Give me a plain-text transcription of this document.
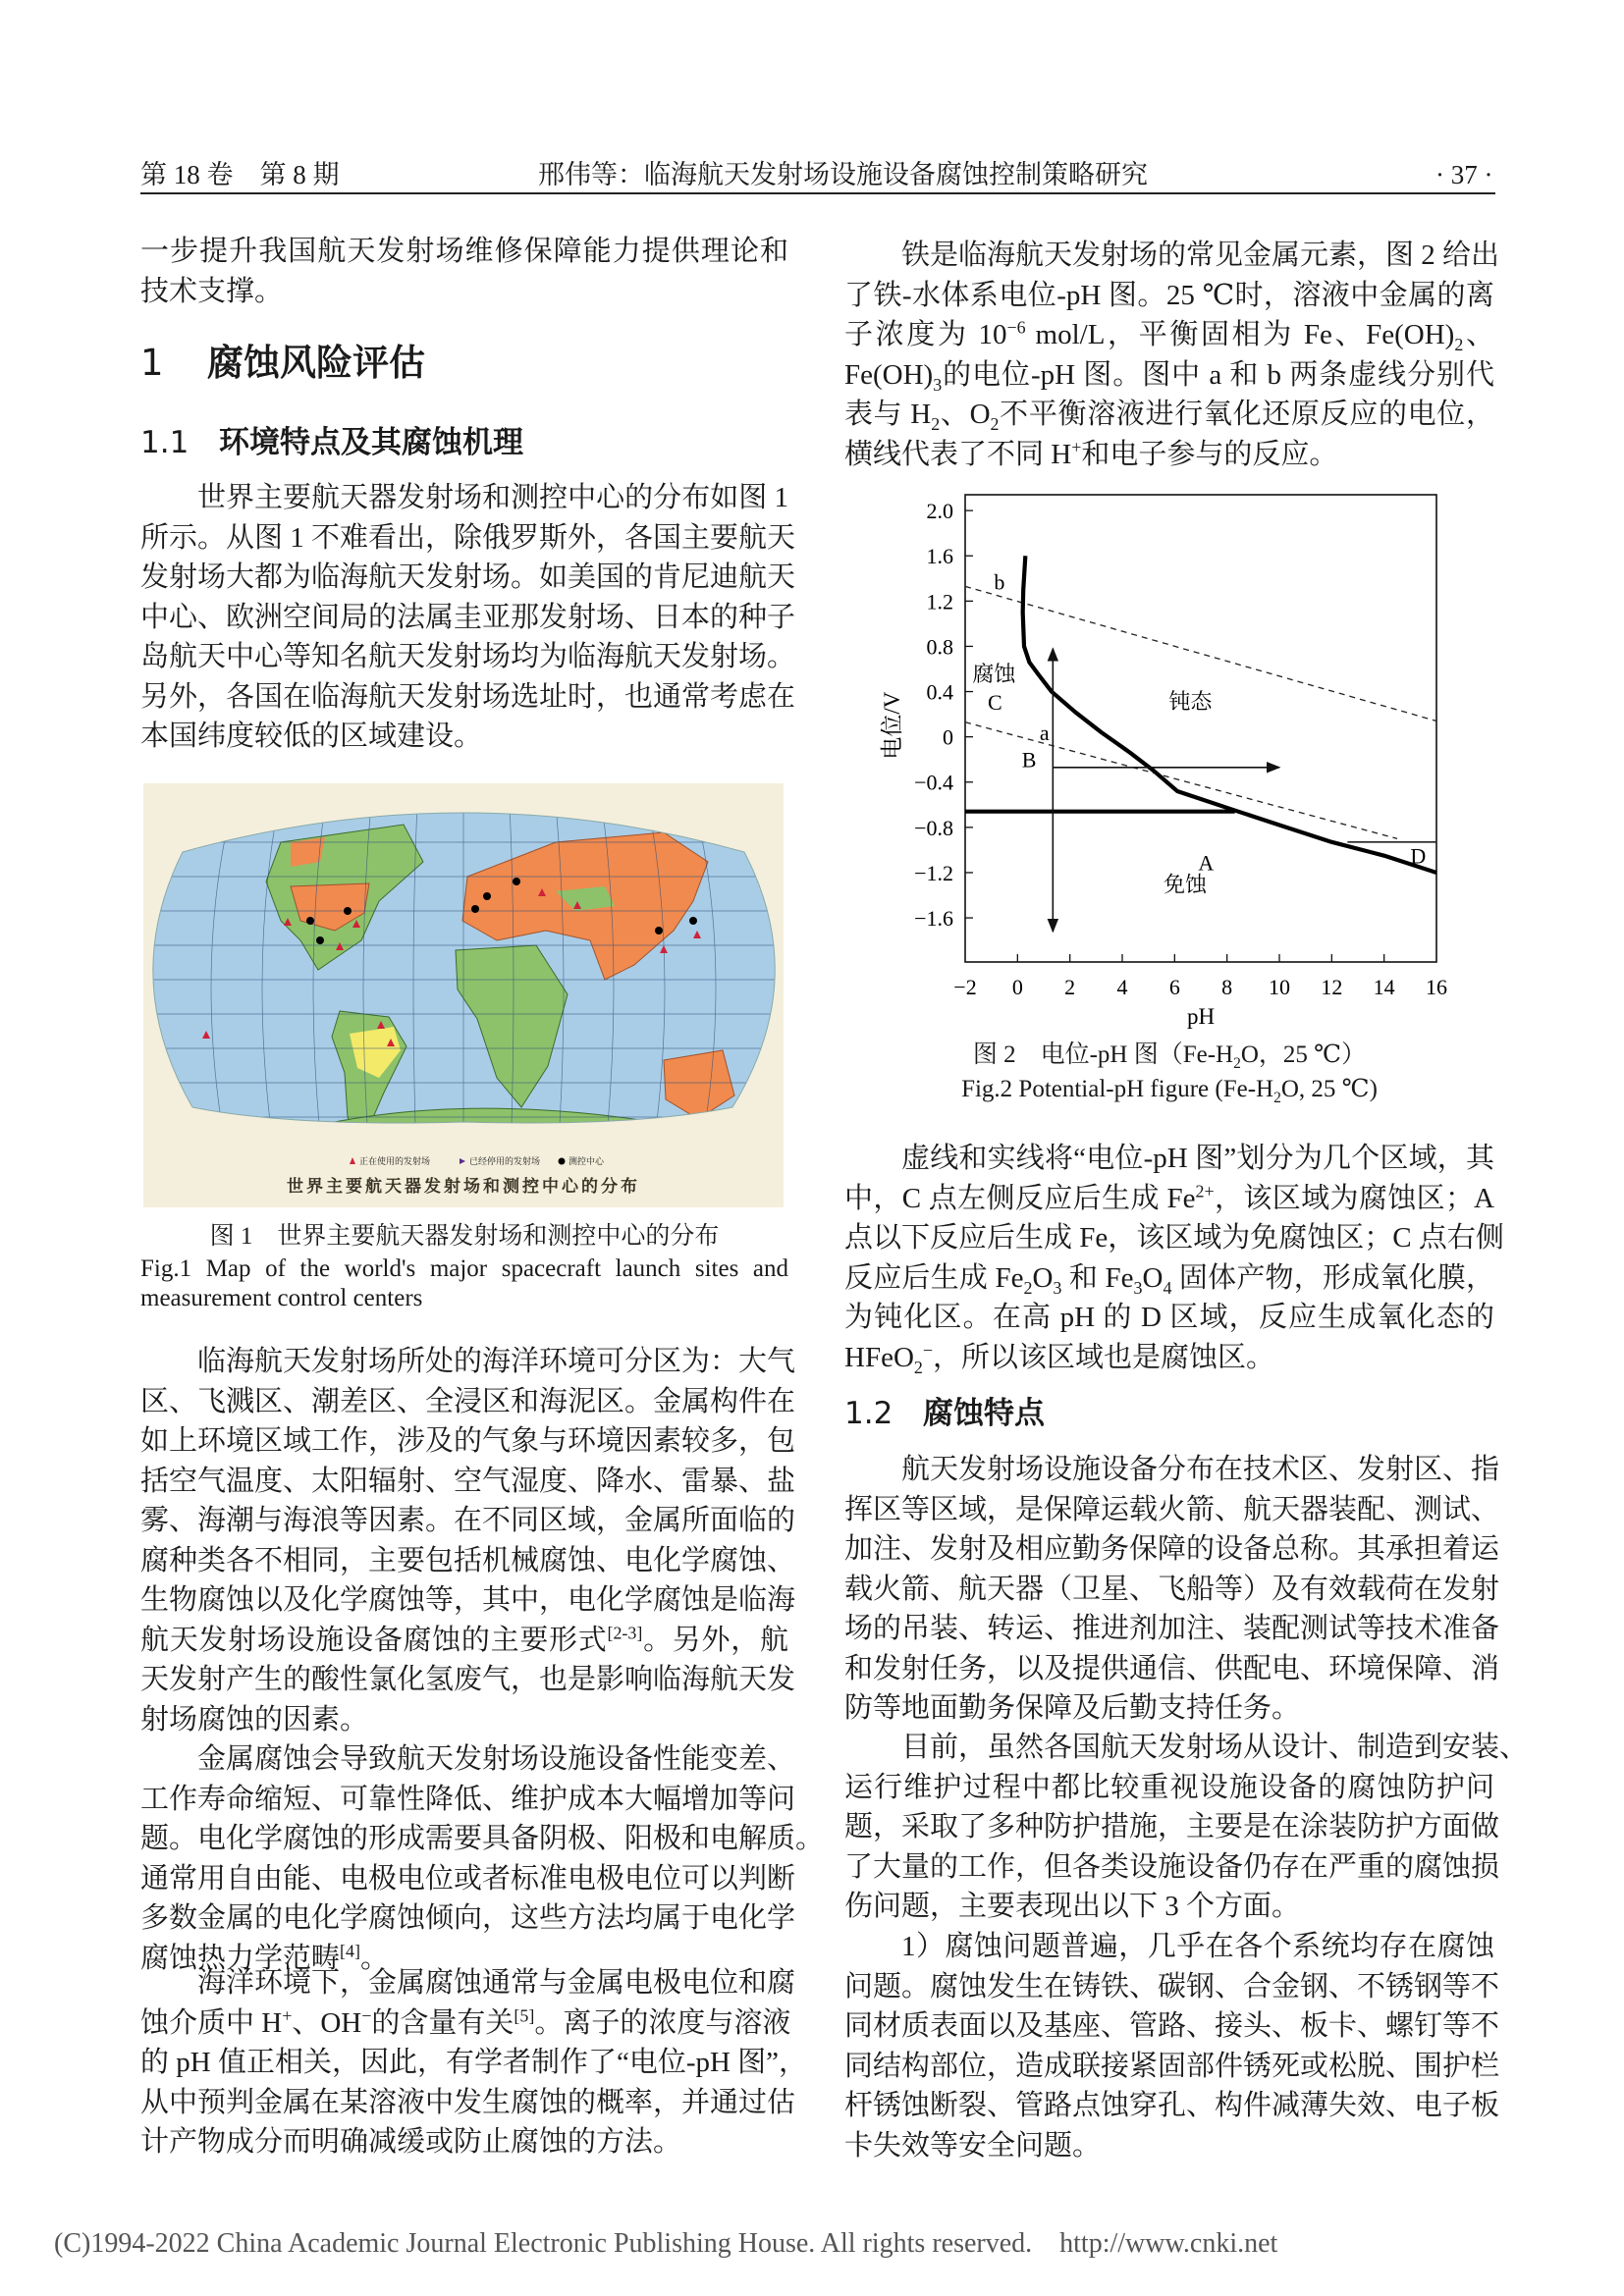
第 18 卷　第 8 期	邢伟等：临海航天发射场设施设备腐蚀控制策略研究	· 37 ·
一步提升我国航天发射场维修保障能力提供理论和
技术支撑。
1 腐蚀风险评估
1.1 环境特点及其腐蚀机理
世界主要航天器发射场和测控中心的分布如图 1
所示。从图 1 不难看出，除俄罗斯外，各国主要航天
发射场大都为临海航天发射场。如美国的肯尼迪航天
中心、欧洲空间局的法属圭亚那发射场、日本的种子
岛航天中心等知名航天发射场均为临海航天发射场。
另外，各国在临海航天发射场选址时，也通常考虑在
本国纬度较低的区域建设。
正在使用的发射场	已经停用的发射场	测控中心
世界主要航天器发射场和测控中心的分布
图 1　世界主要航天器发射场和测控中心的分布
Fig.1 Map of the world's major spacecraft launch sites and
measurement control centers
临海航天发射场所处的海洋环境可分区为：大气
区、飞溅区、潮差区、全浸区和海泥区。金属构件在
如上环境区域工作，涉及的气象与环境因素较多，包
括空气温度、太阳辐射、空气湿度、降水、雷暴、盐
雾、海潮与海浪等因素。在不同区域，金属所面临的
腐种类各不相同，主要包括机械腐蚀、电化学腐蚀、
生物腐蚀以及化学腐蚀等，其中，电化学腐蚀是临海
航天发射场设施设备腐蚀的主要形式[2-3]。另外，航
天发射产生的酸性氯化氢废气，也是影响临海航天发
射场腐蚀的因素。
金属腐蚀会导致航天发射场设施设备性能变差、
工作寿命缩短、可靠性降低、维护成本大幅增加等问
题。电化学腐蚀的形成需要具备阴极、阳极和电解质。
通常用自由能、电极电位或者标准电极电位可以判断
多数金属的电化学腐蚀倾向，这些方法均属于电化学
腐蚀热力学范畴[4]。
海洋环境下，金属腐蚀通常与金属电极电位和腐
蚀介质中 H+、OH−的含量有关[5]。离子的浓度与溶液
的 pH 值正相关，因此，有学者制作了“电位-pH 图”，
从中预判金属在某溶液中发生腐蚀的概率，并通过估
计产物成分而明确减缓或防止腐蚀的方法。
铁是临海航天发射场的常见金属元素，图 2 给出
了铁-水体系电位-pH 图。25 ℃时，溶液中金属的离
子浓度为 $10^{-6}$ mol/L，平衡固相为 Fe、$Fe(OH)_2$、
$Fe(OH)_3$的电位-pH 图。图中 a 和 b 两条虚线分别代
表与 $H_2$、$O_2$不平衡溶液进行氧化还原反应的电位，
横线代表了不同 H+和电子参与的反应。
2.0
1.6
1.2
0.8
0.4
0
−0.4
−0.8
−1.2
−1.6
−2 0 2 4 6 8 10 12 14 16
pH
电位/V
b
腐蚀
C	钝态
a
B
A
免蚀
D
图 2　电位-pH 图（$Fe-H_2O$，25 ℃）
Fig.2 Potential-pH figure ($Fe-H_2O$, 25 ℃)
虚线和实线将“电位-pH 图”划分为几个区域，其
中，C 点左侧反应后生成 $Fe^{2+}$，该区域为腐蚀区；A
点以下反应后生成 Fe，该区域为免腐蚀区；C 点右侧
反应后生成 $Fe_2O_3$ 和 $Fe_3O_4$ 固体产物，形成氧化膜，
为钝化区。在高 pH 的 D 区域，反应生成氧化态的
HFeO$_2$−，所以该区域也是腐蚀区。
1.2 腐蚀特点
航天发射场设施设备分布在技术区、发射区、指
挥区等区域，是保障运载火箭、航天器装配、测试、
加注、发射及相应勤务保障的设备总称。其承担着运
载火箭、航天器（卫星、飞船等）及有效载荷在发射
场的吊装、转运、推进剂加注、装配测试等技术准备
和发射任务，以及提供通信、供配电、环境保障、消
防等地面勤务保障及后勤支持任务。
目前，虽然各国航天发射场从设计、制造到安装、
运行维护过程中都比较重视设施设备的腐蚀防护问
题，采取了多种防护措施，主要是在涂装防护方面做
了大量的工作，但各类设施设备仍存在严重的腐蚀损
伤问题，主要表现出以下 3 个方面。
1）腐蚀问题普遍，几乎在各个系统均存在腐蚀
问题。腐蚀发生在铸铁、碳钢、合金钢、不锈钢等不
同材质表面以及基座、管路、接头、板卡、螺钉等不
同结构部位，造成联接紧固部件锈死或松脱、围护栏
杆锈蚀断裂、管路点蚀穿孔、构件减薄失效、电子板
卡失效等安全问题。
(C)1994-2022 China Academic Journal Electronic Publishing House. All rights reserved. http://www.cnki.net
